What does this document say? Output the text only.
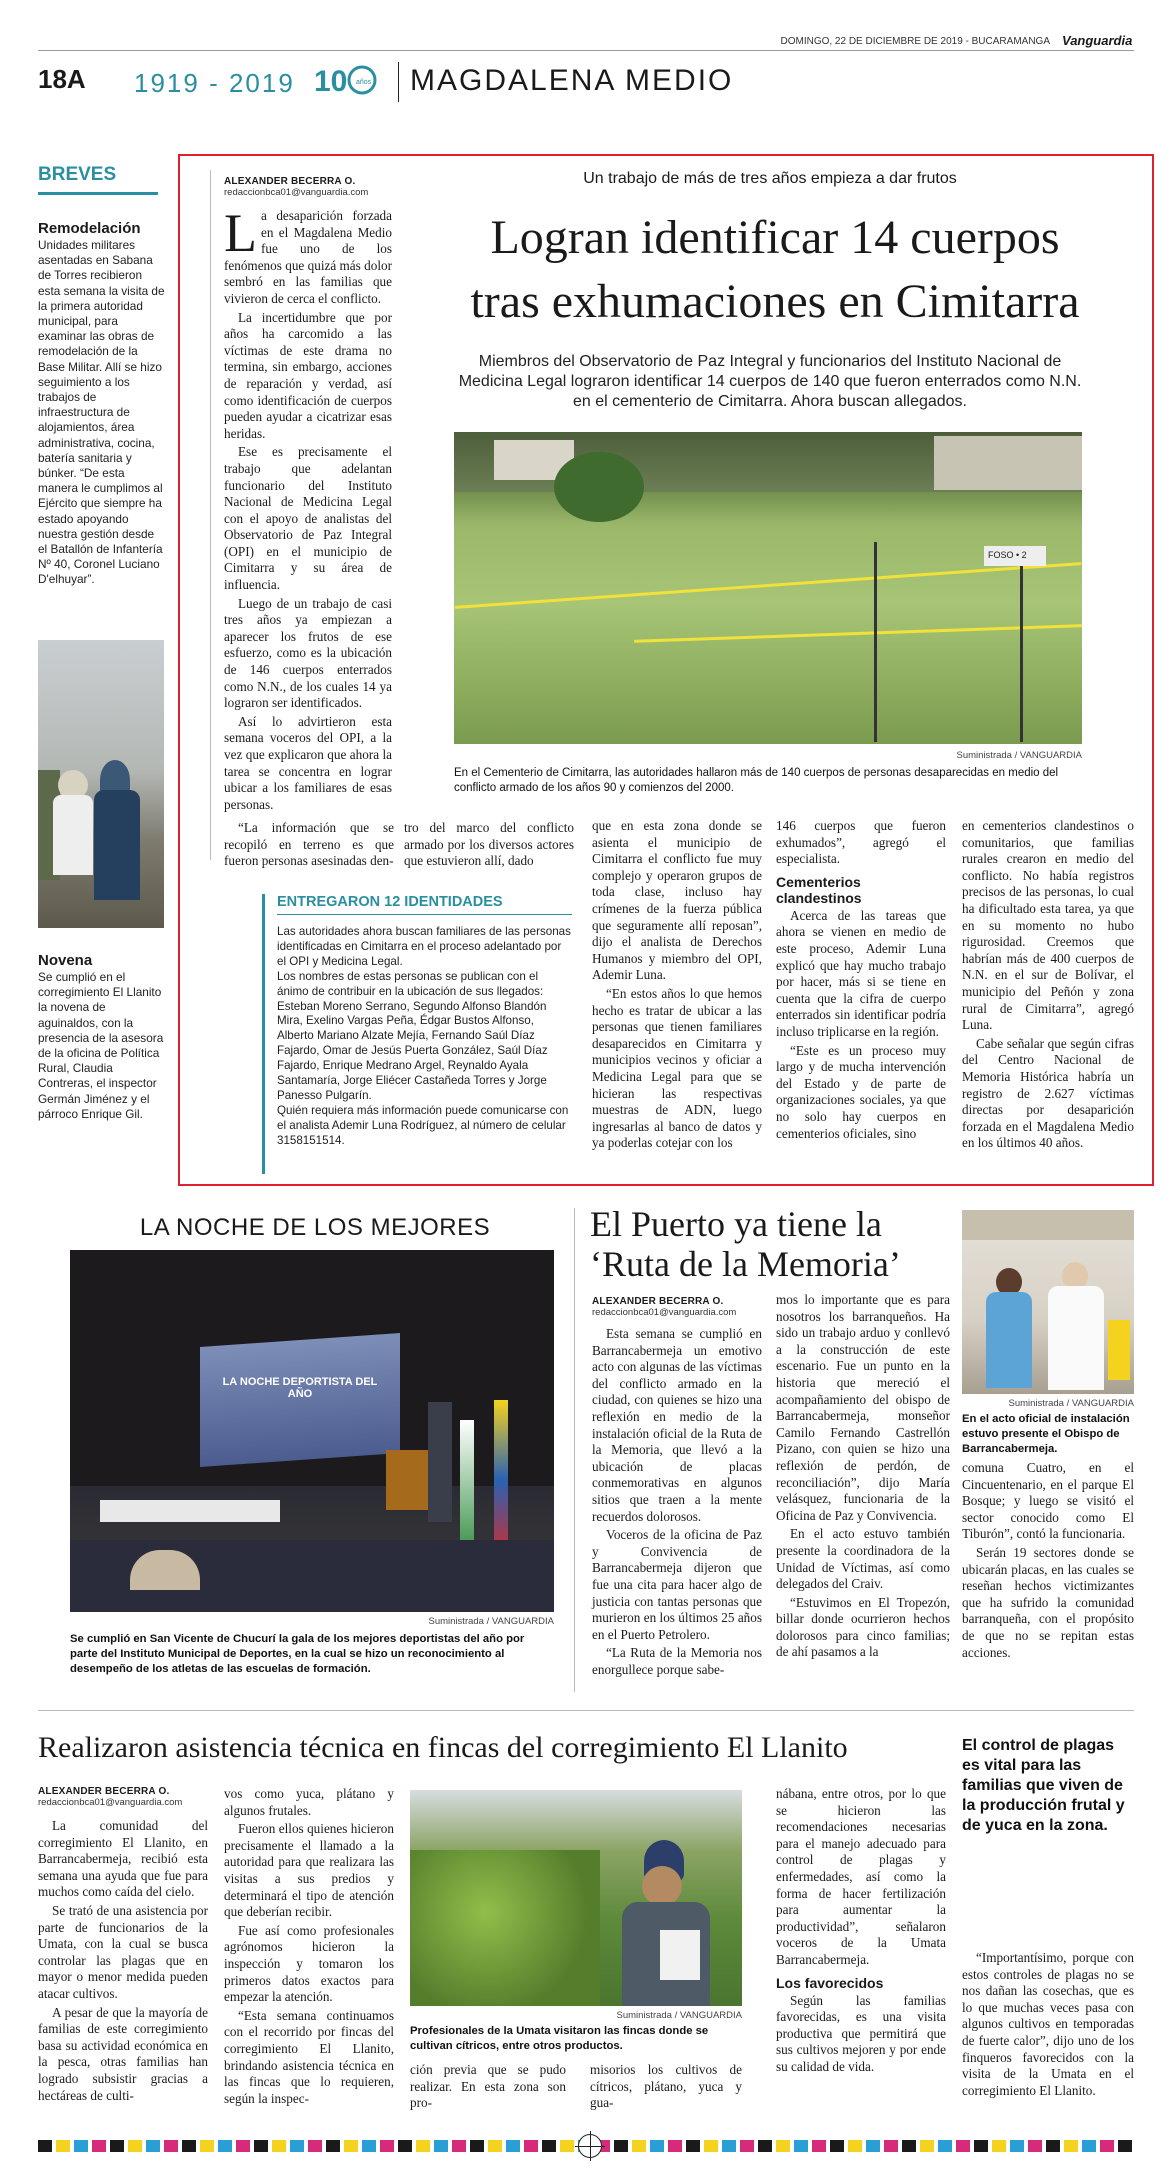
DOMINGO, 22 DE DICIEMBRE DE 2019 - BUCARAMANGA Vanguardia
18A 1919 - 2019 10 años MAGDALENA MEDIO
BREVES
Remodelación
Unidades militares asentadas en Sabana de Torres recibieron esta semana la visita de la primera autoridad municipal, para examinar las obras de remodelación de la Base Militar. Allí se hizo seguimiento a los trabajos de infraestructura de alojamientos, área administrativa, cocina, batería sanitaria y búnker. “De esta manera le cumplimos al Ejército que siempre ha estado apoyando nuestra gestión desde el Batallón de Infantería Nº 40, Coronel Luciano D'elhuyar”.
Novena
Se cumplió en el corregimiento El Llanito la novena de aguinaldos, con la presencia de la asesora de la oficina de Política Rural, Claudia Contreras, el inspector Germán Jiménez y el párroco Enrique Gil.
Un trabajo de más de tres años empieza a dar frutos
Logran identificar 14 cuerpos
tras exhumaciones en Cimitarra
Miembros del Observatorio de Paz Integral y funcionarios del Instituto Nacional de Medicina Legal lograron identificar 14 cuerpos de 140 que fueron enterrados como N.N. en el cementerio de Cimitarra. Ahora buscan allegados.
ALEXANDER BECERRA O.
redaccionbca01@vanguardia.com

La desaparición forzada en el Magdalena Medio fue uno de los fenómenos que quizá más dolor sembró en las familias que vivieron de cerca el conflicto.

La incertidumbre que por años ha carcomido a las víctimas de este drama no termina, sin embargo, acciones de reparación y verdad, así como identificación de cuerpos pueden ayudar a cicatrizar esas heridas.

Ese es precisamente el trabajo que adelantan funcionario del Instituto Nacional de Medicina Legal con el apoyo de analistas del Observatorio de Paz Integral (OPI) en el municipio de Cimitarra y su área de influencia.

Luego de un trabajo de casi tres años ya empiezan a aparecer los frutos de ese esfuerzo, como es la ubicación de 146 cuerpos enterrados como N.N., de los cuales 14 ya lograron ser identificados.

Así lo advirtieron esta semana voceros del OPI, a la vez que explicaron que ahora la tarea se concentra en lograr ubicar a los familiares de esas personas.

FOSO • 2
Suministrada / VANGUARDIA
En el Cementerio de Cimitarra, las autoridades hallaron más de 140 cuerpos de personas desaparecidas en medio del conflicto armado de los años 90 y comienzos del 2000.

“La información que se recopiló en terreno es que fueron personas asesinadas den-

tro del marco del conflicto armado por los diversos actores que estuvieron allí, dado

ENTREGARON 12 IDENTIDADES
Las autoridades ahora buscan familiares de las personas identificadas en Cimitarra en el proceso adelantado por el OPI y Medicina Legal.
Los nombres de estas personas se publican con el ánimo de contribuir en la ubicación de sus llegados: Esteban Moreno Serrano, Segundo Alfonso Blandón Mira, Exelino Vargas Peña, Édgar Bustos Alfonso, Alberto Mariano Alzate Mejía, Fernando Saúl Díaz Fajardo, Omar de Jesús Puerta González, Saúl Díaz Fajardo, Enrique Medrano Argel, Reynaldo Ayala Santamaría, Jorge Eliécer Castañeda Torres y Jorge Panesso Pulgarín.
Quién requiera más información puede comunicarse con el analista Ademir Luna Rodríguez, al número de celular 3158151514.

que en esta zona donde se asienta el municipio de Cimitarra el conflicto fue muy complejo y operaron grupos de toda clase, incluso hay crímenes de la fuerza pública que seguramente allí reposan”, dijo el analista de Derechos Humanos y miembro del OPI, Ademir Luna.

“En estos años lo que hemos hecho es tratar de ubicar a las personas que tienen familiares desaparecidos en Cimitarra y municipios vecinos y oficiar a Medicina Legal para que se hicieran las respectivas muestras de ADN, luego ingresarlas al banco de datos y ya poderlas cotejar con los

146 cuerpos que fueron exhumados”, agregó el especialista.

Cementerios clandestinos

Acerca de las tareas que ahora se vienen en medio de este proceso, Ademir Luna explicó que hay mucho trabajo por hacer, más si se tiene en cuenta que la cifra de cuerpo enterrados sin identificar podría incluso triplicarse en la región.

“Este es un proceso muy largo y de mucha intervención del Estado y de parte de organizaciones sociales, ya que no solo hay cuerpos en cementerios oficiales, sino

en cementerios clandestinos o comunitarios, que familias rurales crearon en medio del conflicto. No había registros precisos de las personas, lo cual ha dificultado esta tarea, ya que en su momento no hubo rigurosidad. Creemos que habrían más de 400 cuerpos de N.N. en el sur de Bolívar, el municipio del Peñón y zona rural de Cimitarra”, agregó Luna.

Cabe señalar que según cifras del Centro Nacional de Memoria Histórica habría un registro de 2.627 víctimas directas por desaparición forzada en el Magdalena Medio en los últimos 40 años.

LA NOCHE DE LOS MEJORES
LA NOCHE DEPORTISTA DEL AÑO
Suministrada / VANGUARDIA
Se cumplió en San Vicente de Chucurí la gala de los mejores deportistas del año por parte del Instituto Municipal de Deportes, en la cual se hizo un reconocimiento al desempeño de los atletas de las escuelas de formación.
El Puerto ya tiene la
‘Ruta de la Memoria’
ALEXANDER BECERRA O.
redaccionbca01@vanguardia.com

Esta semana se cumplió en Barrancabermeja un emotivo acto con algunas de las víctimas del conflicto armado en la ciudad, con quienes se hizo una reflexión en medio de la instalación oficial de la Ruta de la Memoria, que llevó a la ubicación de placas conmemorativas en algunos sitios que traen a la mente recuerdos dolorosos.

Voceros de la oficina de Paz y Convivencia de Barrancabermeja dijeron que fue una cita para hacer algo de justicia con tantas personas que murieron en los últimos 25 años en el Puerto Petrolero.

“La Ruta de la Memoria nos enorgullece porque sabe-

mos lo importante que es para nosotros los barranqueños. Ha sido un trabajo arduo y conllevó a la construcción de este escenario. Fue un punto en la historia que mereció el acompañamiento del obispo de Barrancabermeja, monseñor Camilo Fernando Castrellón Pizano, con quien se hizo una reflexión de perdón, de reconciliación”, dijo María velásquez, funcionaria de la Oficina de Paz y Convivencia.

En el acto estuvo también presente la coordinadora de la Unidad de Víctimas, así como delegados del Craiv.

“Estuvimos en El Tropezón, billar donde ocurrieron hechos dolorosos para cinco familias; de ahí pasamos a la

Suministrada / VANGUARDIA
En el acto oficial de instalación estuvo presente el Obispo de Barrancabermeja.

comuna Cuatro, en el Cincuentenario, en el parque El Bosque; y luego se visitó el sector conocido como El Tiburón”, contó la funcionaria.

Serán 19 sectores donde se ubicarán placas, en las cuales se reseñan hechos victimizantes que ha sufrido la comunidad barranqueña, con el propósito de que no se repitan estas acciones.

Realizaron asistencia técnica en fincas del corregimiento El Llanito
ALEXANDER BECERRA O.
redaccionbca01@vanguardia.com

La comunidad del corregimiento El Llanito, en Barrancabermeja, recibió esta semana una ayuda que fue para muchos como caída del cielo.

Se trató de una asistencia por parte de funcionarios de la Umata, con la cual se busca controlar las plagas que en mayor o menor medida pueden atacar cultivos.

A pesar de que la mayoría de familias de este corregimiento basa su actividad económica en la pesca, otras familias han logrado subsistir gracias a hectáreas de culti-

vos como yuca, plátano y algunos frutales.

Fueron ellos quienes hicieron precisamente el llamado a la autoridad para que realizara las visitas a sus predios y determinará el tipo de atención que deberían recibir.

Fue así como profesionales agrónomos hicieron la inspección y tomaron los primeros datos exactos para empezar la atención.

“Esta semana continuamos con el recorrido por fincas del corregimiento El Llanito, brindando asistencia técnica en las fincas que lo requieren, según la inspec-

Suministrada / VANGUARDIA
Profesionales de la Umata visitaron las fincas donde se cultivan cítricos, entre otros productos.

ción previa que se pudo realizar. En esta zona son pro-

misorios los cultivos de cítricos, plátano, yuca y gua-

nábana, entre otros, por lo que se hicieron las recomendaciones necesarias para el manejo adecuado para control de plagas y enfermedades, así como la forma de hacer fertilización para aumentar la productividad”, señalaron voceros de la Umata Barrancabermeja.

Los favorecidos

Según las familias favorecidas, es una visita productiva que permitirá que sus cultivos mejoren y por ende su calidad de vida.

El control de plagas es vital para las familias que viven de la producción frutal y de yuca en la zona.

“Importantísimo, porque con estos controles de plagas no se nos dañan las cosechas, que es lo que muchas veces pasa con algunos cultivos en temporadas de fuerte calor”, dijo uno de los finqueros favorecidos con la visita de la Umata en el corregimiento El Llanito.
